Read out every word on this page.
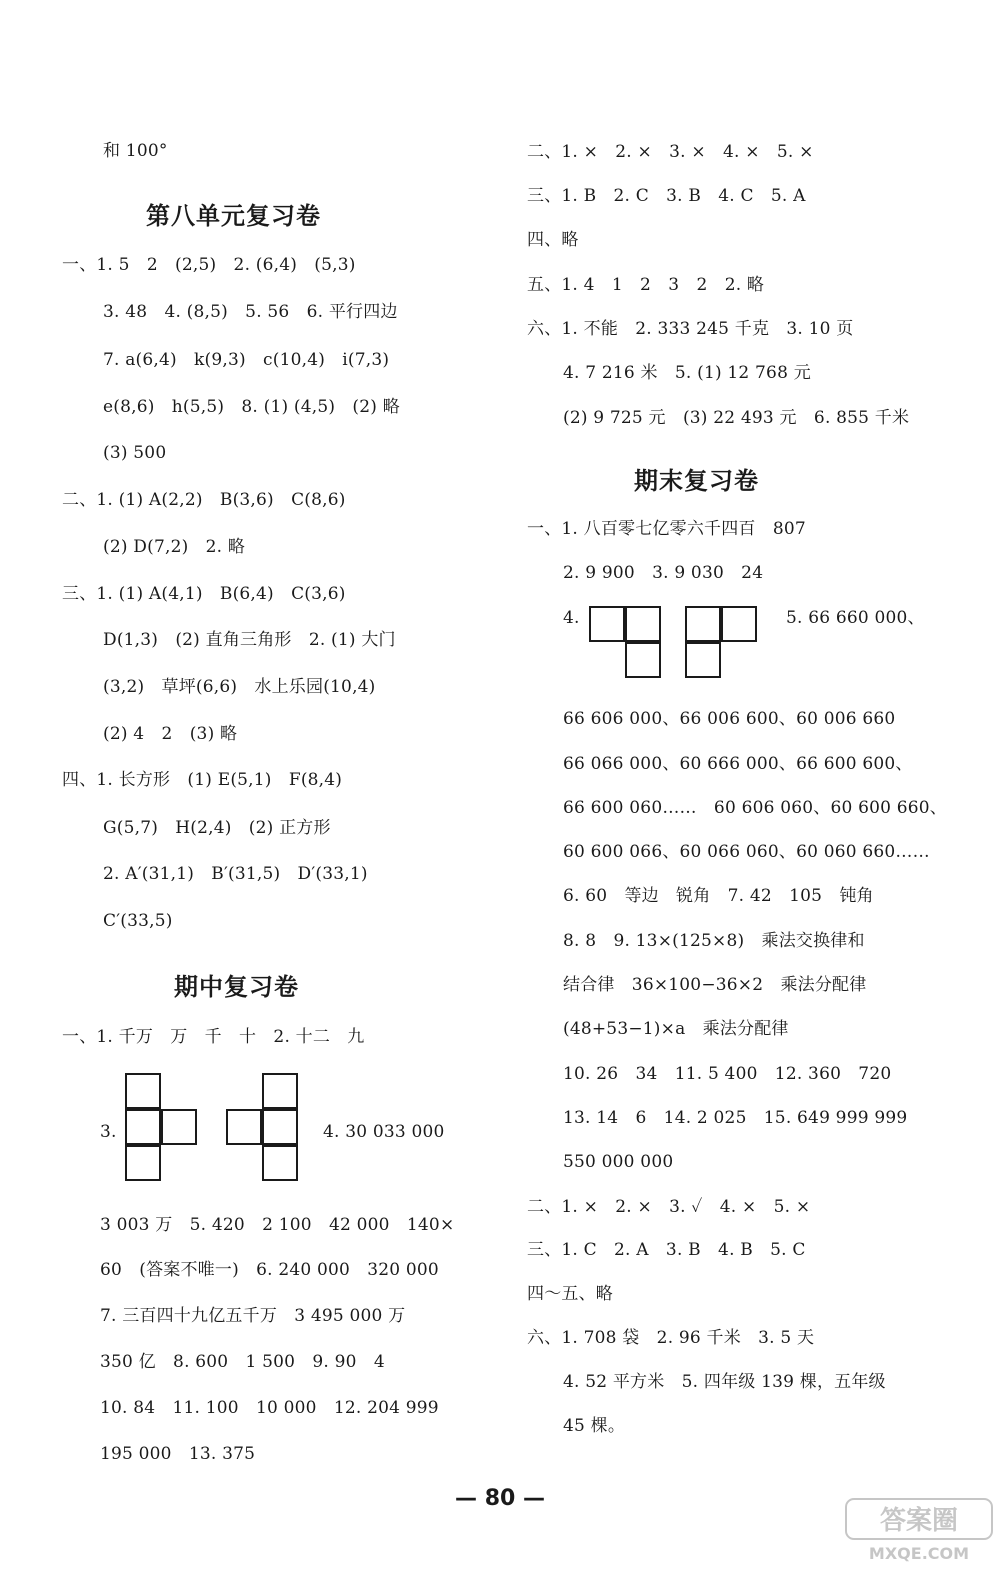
和 100°
第八单元复习卷
一、1. 5　2　(2,5)　2. (6,4)　(5,3)
3. 48　4. (8,5)　5. 56　6. 平行四边
7. a(6,4)　k(9,3)　c(10,4)　i(7,3)
e(8,6)　h(5,5)　8. (1) (4,5)　(2) 略
(3) 500
二、1. (1) A(2,2)　B(3,6)　C(8,6)
(2) D(7,2)　2. 略
三、1. (1) A(4,1)　B(6,4)　C(3,6)
D(1,3)　(2) 直角三角形　2. (1) 大门
(3,2)　草坪(6,6)　水上乐园(10,4)
(2) 4　2　(3) 略
四、1. 长方形　(1) E(5,1)　F(8,4)
G(5,7)　H(2,4)　(2) 正方形
2. A′(31,1)　B′(31,5)　D′(33,1)
C′(33,5)
期中复习卷
一、1. 千万　万　千　十　2. 十二　九
3.	4. 30 033 000
3 003 万　5. 420　2 100　42 000　140×
60　(答案不唯一)　6. 240 000　320 000
7. 三百四十九亿五千万　3 495 000 万
350 亿　8. 600　1 500　9. 90　4
10. 84　11. 100　10 000　12. 204 999
195 000　13. 375
二、1. ×　2. ×　3. ×　4. ×　5. ×
三、1. B　2. C　3. B　4. C　5. A
四、略
五、1. 4　1　2　3　2　2. 略
六、1. 不能　2. 333 245 千克　3. 10 页
4. 7 216 米　5. (1) 12 768 元
(2) 9 725 元　(3) 22 493 元　6. 855 千米
期末复习卷
一、1. 八百零七亿零六千四百　807
2. 9 900　3. 9 030　24
4.	5. 66 660 000、
66 606 000、66 006 600、60 006 660
66 066 000、60 666 000、66 600 600、
66 600 060……　60 606 060、60 600 660、
60 600 066、60 066 060、60 060 660……
6. 60　等边　锐角　7. 42　105　钝角
8. 8　9. 13×(125×8)　乘法交换律和
结合律　36×100−36×2　乘法分配律
(48+53−1)×a　乘法分配律
10. 26　34　11. 5 400　12. 360　720
13. 14　6　14. 2 025　15. 649 999 999
550 000 000
二、1. ×　2. ×　3. ✓　4. ×　5. ×
三、1. C　2. A　3. B　4. B　5. C
四～五、略
六、1. 708 袋　2. 96 千米　3. 5 天
4. 52 平方米　5. 四年级 139 棵，五年级
45 棵。
— 80 —
答案圈
MXQE.COM
